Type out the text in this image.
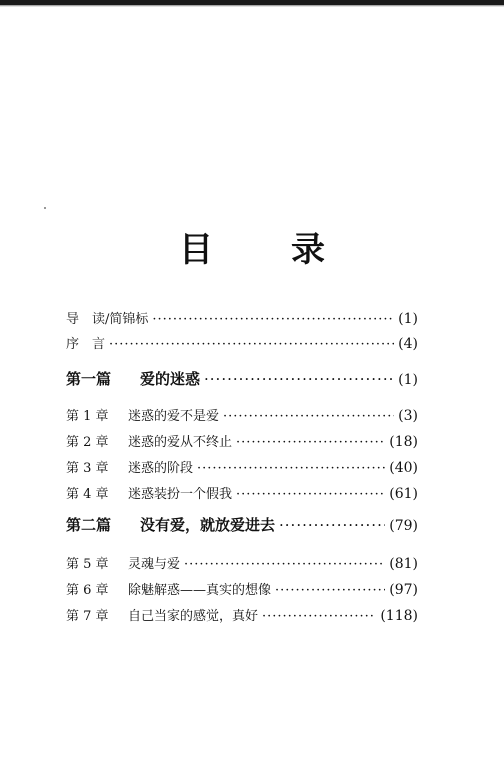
目 录
导　读/简锦标 ·····	(1)
序　言 ·····	(4)
第一篇 爱的迷惑 ·····	(1)
第 1 章 迷惑的爱不是爱 ·····	(3)
第 2 章 迷惑的爱从不终止 ·····	(18)
第 3 章 迷惑的阶段 ·····	(40)
第 4 章 迷惑装扮一个假我 ·····	(61)
第二篇 没有爱，就放爱进去 ·····	(79)
第 5 章 灵魂与爱 ·····	(81)
第 6 章 除魅解惑——真实的想像 ·····	(97)
第 7 章 自己当家的感觉，真好 ·····	(118)
